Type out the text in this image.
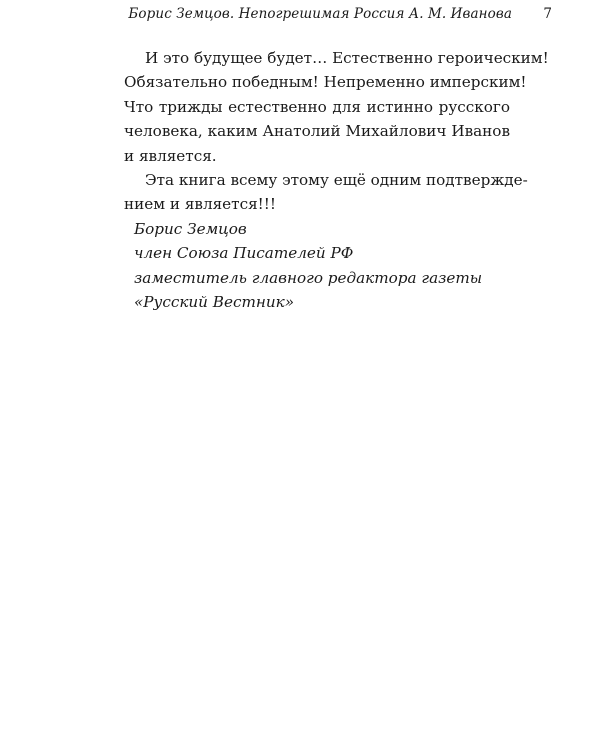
Борис Земцов. Непогрешимая Россия А. М. Иванова 7

И это будущее будет… Естественно героическим!
Обязательно победным! Непременно имперским!
Что трижды естественно для истинно русского
человека, каким Анатолий Михайлович Иванов
и является.

Эта книга всему этому ещё одним подтвержде-
нием и является!!!

Борис Земцов
член Союза Писателей РФ
заместитель главного редактора газеты
«Русский Вестник»
